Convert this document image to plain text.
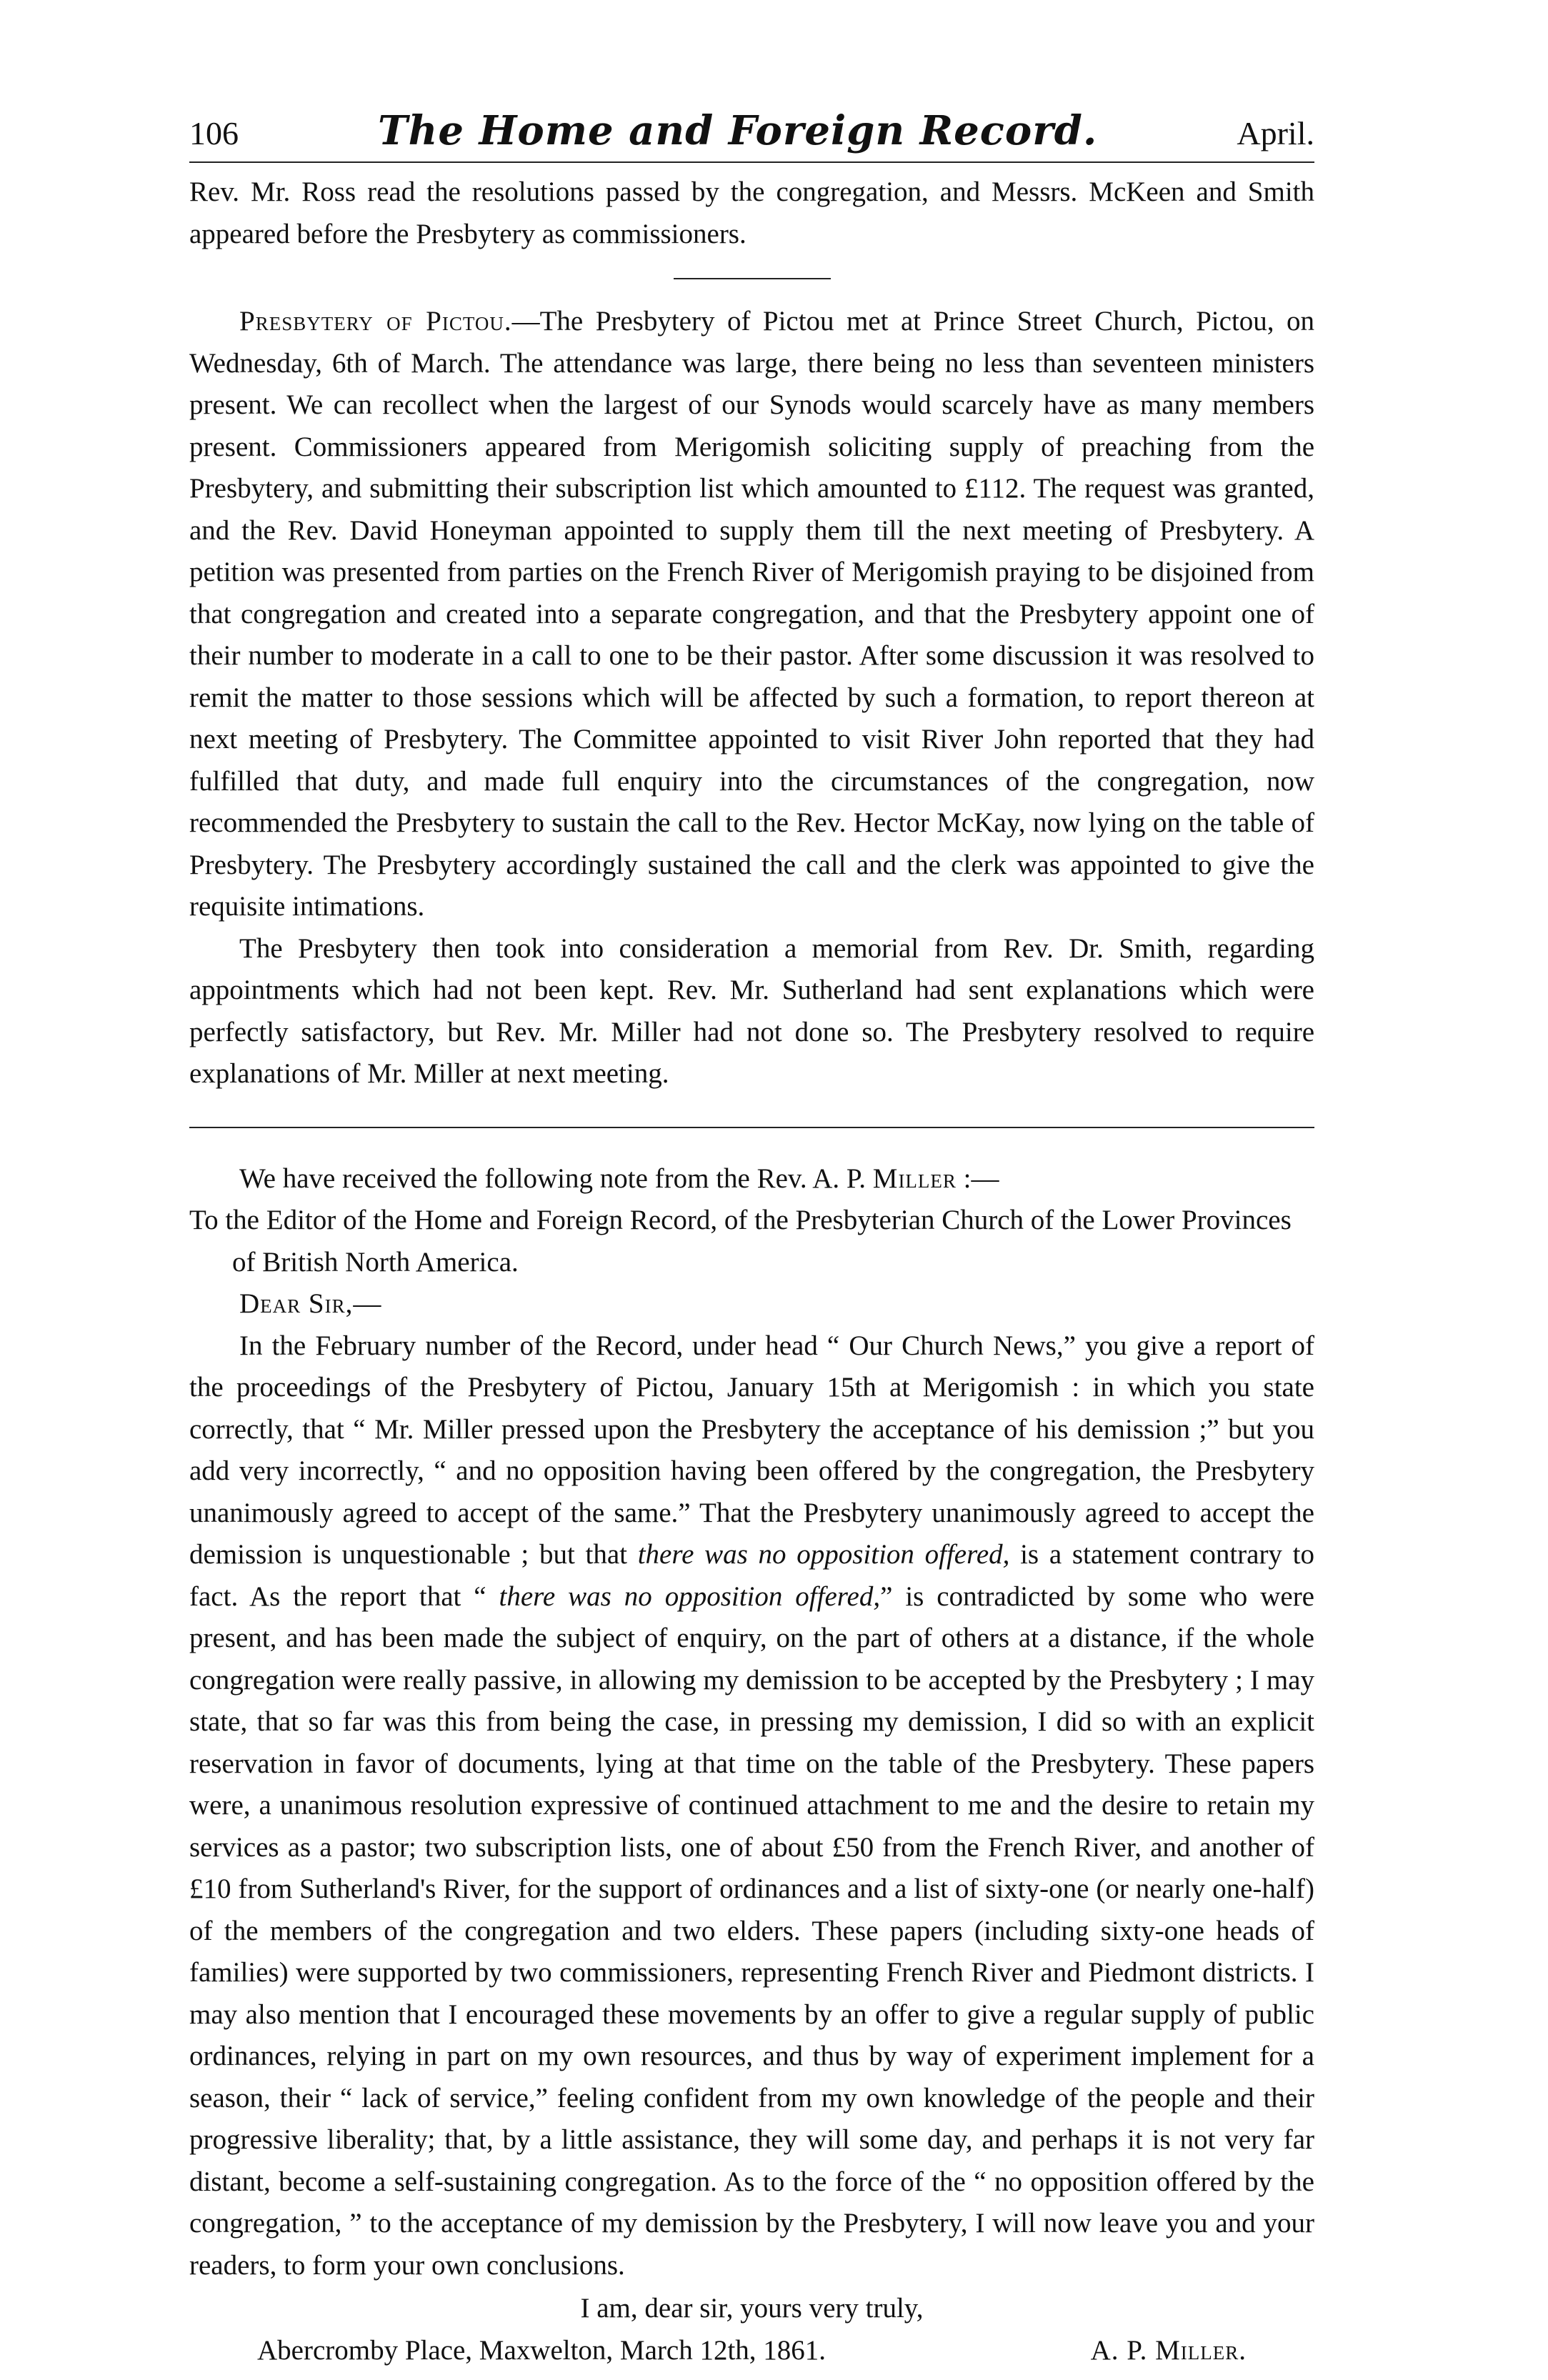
106	The Home and Foreign Record.	April.

Rev. Mr. Ross read the resolutions passed by the congregation, and Messrs. McKeen and Smith appeared before the Presbytery as commissioners.

Presbytery of Pictou.—The Presbytery of Pictou met at Prince Street Church, Pictou, on Wednesday, 6th of March. The attendance was large, there being no less than seventeen ministers present. We can recollect when the largest of our Synods would scarcely have as many members present. Commissioners appeared from Merigomish soliciting supply of preaching from the Presbytery, and submitting their subscription list which amounted to £112. The request was granted, and the Rev. David Honeyman appointed to supply them till the next meeting of Presbytery. A petition was presented from parties on the French River of Merigomish praying to be disjoined from that congregation and created into a separate congregation, and that the Presbytery appoint one of their number to moderate in a call to one to be their pastor. After some discussion it was resolved to remit the matter to those sessions which will be affected by such a formation, to report thereon at next meeting of Presbytery. The Committee appointed to visit River John reported that they had fulfilled that duty, and made full enquiry into the circumstances of the congregation, now recommended the Presbytery to sustain the call to the Rev. Hector McKay, now lying on the table of Presbytery. The Presbytery accordingly sustained the call and the clerk was appointed to give the requisite intimations.

The Presbytery then took into consideration a memorial from Rev. Dr. Smith, regarding appointments which had not been kept. Rev. Mr. Sutherland had sent explanations which were perfectly satisfactory, but Rev. Mr. Miller had not done so. The Presbytery resolved to require explanations of Mr. Miller at next meeting.

We have received the following note from the Rev. A. P. Miller :—

To the Editor of the Home and Foreign Record, of the Presbyterian Church of the Lower Provinces of British North America.

Dear Sir,—

In the February number of the Record, under head “ Our Church News,” you give a report of the proceedings of the Presbytery of Pictou, January 15th at Merigomish : in which you state correctly, that “ Mr. Miller pressed upon the Presbytery the acceptance of his demission ;” but you add very incorrectly, “ and no opposition having been offered by the congregation, the Presbytery unanimously agreed to accept of the same.” That the Presbytery unanimously agreed to accept the demission is unquestionable ; but that there was no opposition offered, is a statement contrary to fact. As the report that “ there was no opposition offered,” is contradicted by some who were present, and has been made the subject of enquiry, on the part of others at a distance, if the whole congregation were really passive, in allowing my demission to be accepted by the Presbytery ; I may state, that so far was this from being the case, in pressing my demission, I did so with an explicit reservation in favor of documents, lying at that time on the table of the Presbytery. These papers were, a unanimous resolution expressive of continued attachment to me and the desire to retain my services as a pastor; two subscription lists, one of about £50 from the French River, and another of £10 from Sutherland's River, for the support of ordinances and a list of sixty-one (or nearly one-half) of the members of the congregation and two elders. These papers (including sixty-one heads of families) were supported by two commissioners, representing French River and Piedmont districts. I may also mention that I encouraged these movements by an offer to give a regular supply of public ordinances, relying in part on my own resources, and thus by way of experiment implement for a season, their “ lack of service,” feeling confident from my own knowledge of the people and their progressive liberality; that, by a little assistance, they will some day, and perhaps it is not very far distant, become a self-sustaining congregation. As to the force of the “ no opposition offered by the congregation, ” to the acceptance of my demission by the Presbytery, I will now leave you and your readers, to form your own conclusions.

I am, dear sir, yours very truly,

Abercromby Place, Maxwelton, March 12th, 1861.	A. P. Miller.
